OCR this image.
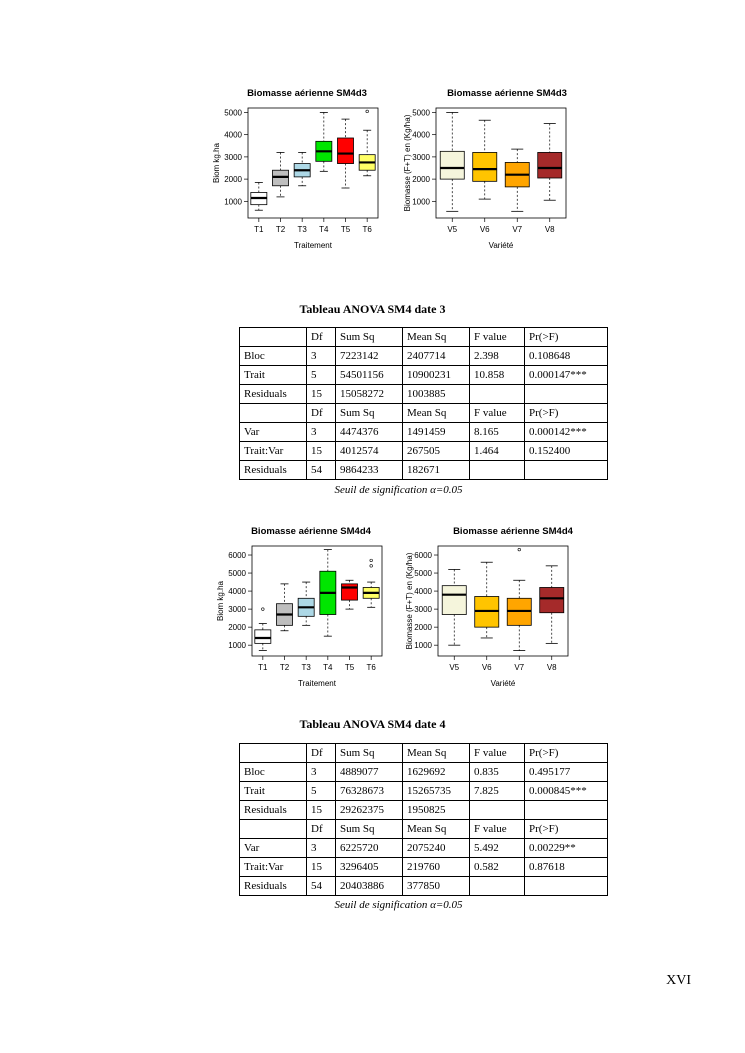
Biomasse aérienne SM4d3
1000
2000
3000
4000
5000
T1 T2 T3 T4 T5 T6
Traitement
Biom kg.ha
Biomasse aérienne SM4d3
1000
2000
3000
4000
5000
V5	V6	V7	V8
Variété
Biomasse (F+T) en (Kg/ha)
Tableau ANOVA SM4 date 3
	Df	Sum Sq	Mean Sq	F value	Pr(>F)
Bloc	3	7223142	2407714	2.398	0.108648
Trait	5	54501156	10900231	10.858	0.000147***
Residuals	15	15058272	1003885		
	Df	Sum Sq	Mean Sq	F value	Pr(>F)
Var	3	4474376	1491459	8.165	0.000142***
Trait:Var	15	4012574	267505	1.464	0.152400
Residuals	54	9864233	182671		
Seuil de signification α=0.05
Biomasse aérienne SM4d4
1000
2000
3000
4000
5000
6000
T1 T2 T3 T4 T5 T6
Traitement
Biom kg.ha
Biomasse aérienne SM4d4
1000
2000
3000
4000
5000
6000
V5	V6	V7	V8
Variété
Biomasse (F+T) en (Kg/ha)
Tableau ANOVA SM4 date 4
	Df	Sum Sq	Mean Sq	F value	Pr(>F)
Bloc	3	4889077	1629692	0.835	0.495177
Trait	5	76328673	15265735	7.825	0.000845***
Residuals	15	29262375	1950825		
	Df	Sum Sq	Mean Sq	F value	Pr(>F)
Var	3	6225720	2075240	5.492	0.00229**
Trait:Var	15	3296405	219760	0.582	0.87618
Residuals	54	20403886	377850		
Seuil de signification α=0.05
XVI
